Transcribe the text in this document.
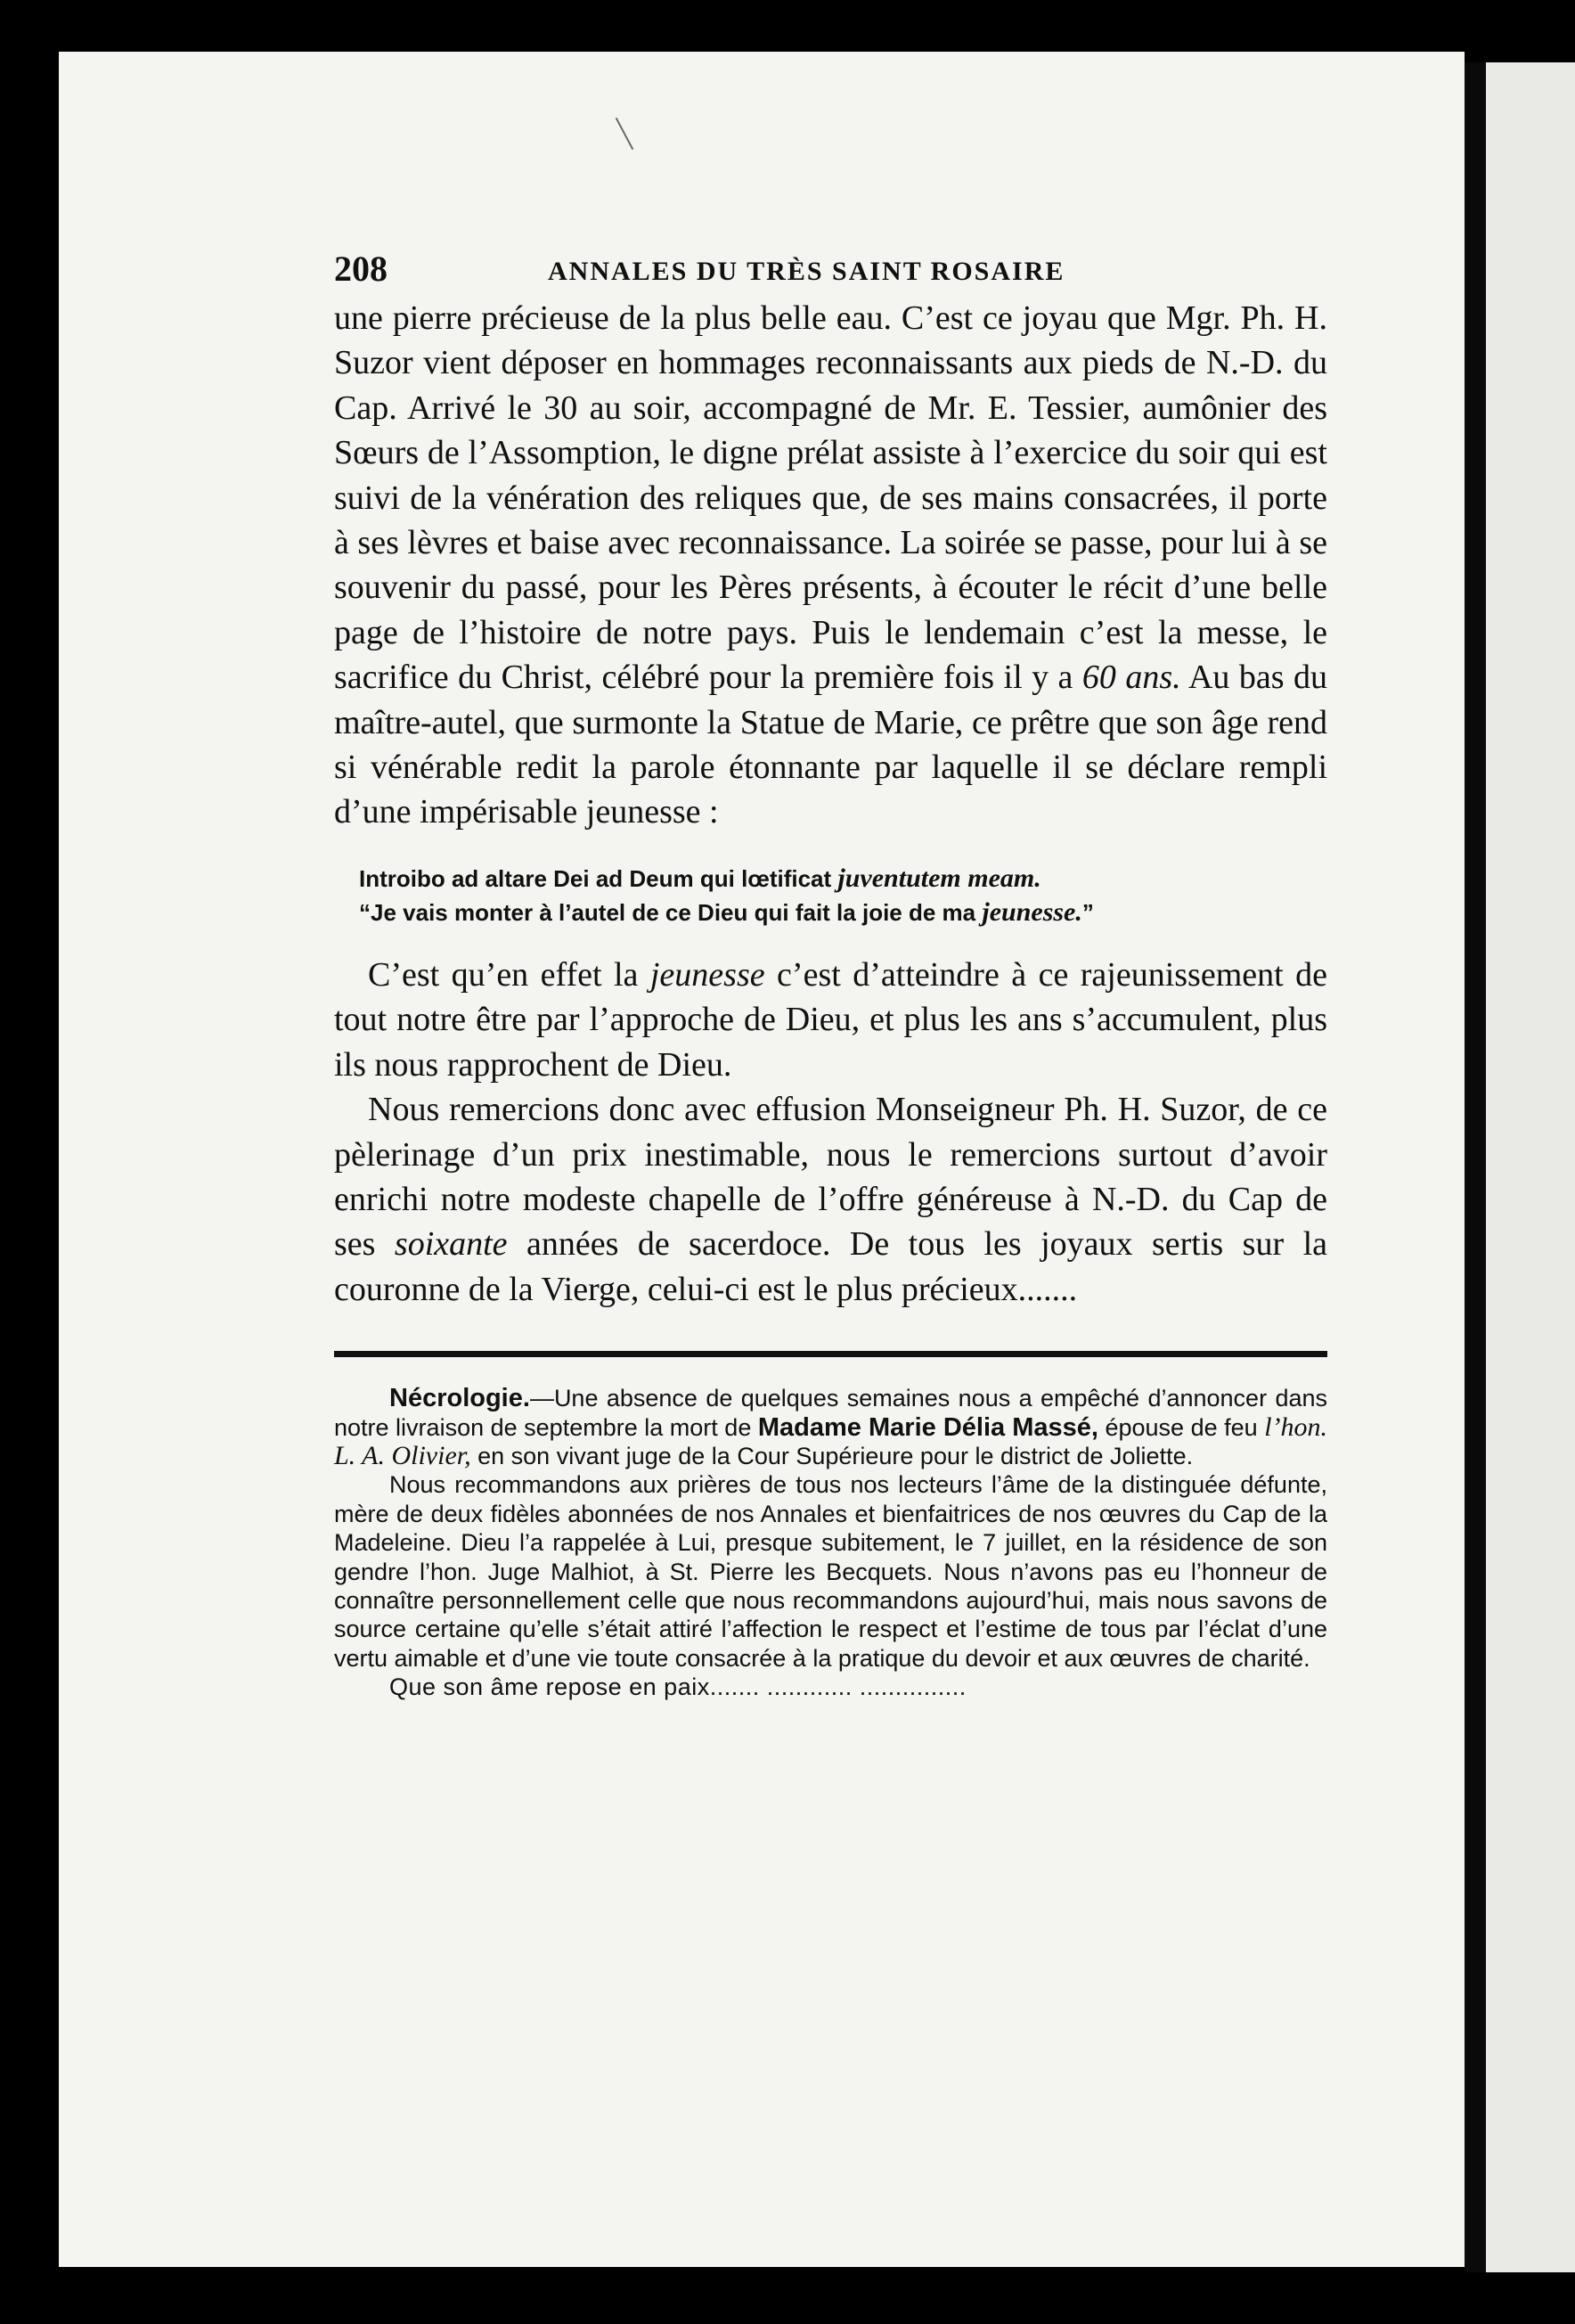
208	ANNALES DU TRÈS SAINT ROSAIRE

une pierre précieuse de la plus belle eau. C’est ce joyau que Mgr. Ph. H. Suzor vient déposer en hommages reconnaissants aux pieds de N.-D. du Cap. Arrivé le 30 au soir, accompagné de Mr. E. Tessier, aumônier des Sœurs de l’Assomption, le digne prélat assiste à l’exercice du soir qui est suivi de la vénération des reliques que, de ses mains consacrées, il porte à ses lèvres et baise avec reconnaissance. La soirée se passe, pour lui à se souvenir du passé, pour les Pères présents, à écouter le récit d’une belle page de l’histoire de notre pays. Puis le lendemain c’est la messe, le sacrifice du Christ, célébré pour la première fois il y a 60 ans. Au bas du maître-autel, que surmonte la Statue de Marie, ce prêtre que son âge rend si vénérable redit la parole étonnante par laquelle il se déclare rempli d’une impérisable jeunesse :

Introibo ad altare Dei ad Deum qui lœtificat juventutem meam.
“Je vais monter à l’autel de ce Dieu qui fait la joie de ma jeunesse.”

C’est qu’en effet la jeunesse c’est d’atteindre à ce rajeunissement de tout notre être par l’approche de Dieu, et plus les ans s’accumulent, plus ils nous rapprochent de Dieu.

Nous remercions donc avec effusion Monseigneur Ph. H. Suzor, de ce pèlerinage d’un prix inestimable, nous le remercions surtout d’avoir enrichi notre modeste chapelle de l’offre généreuse à N.-D. du Cap de ses soixante années de sacerdoce. De tous les joyaux sertis sur la couronne de la Vierge, celui-ci est le plus précieux.......

Nécrologie.—Une absence de quelques semaines nous a empêché d’annoncer dans notre livraison de septembre la mort de Madame Marie Délia Massé, épouse de feu l’hon. L. A. Olivier, en son vivant juge de la Cour Supérieure pour le district de Joliette.

Nous recommandons aux prières de tous nos lecteurs l’âme de la distinguée défunte, mère de deux fidèles abonnées de nos Annales et bienfaitrices de nos œuvres du Cap de la Madeleine. Dieu l’a rappelée à Lui, presque subitement, le 7 juillet, en la résidence de son gendre l’hon. Juge Malhiot, à St. Pierre les Becquets. Nous n’avons pas eu l’honneur de connaître personnellement celle que nous recommandons aujourd’hui, mais nous savons de source certaine qu’elle s’était attiré l’affection le respect et l’estime de tous par l’éclat d’une vertu aimable et d’une vie toute consacrée à la pratique du devoir et aux œuvres de charité.

Que son âme repose en paix....... ............ ...............
